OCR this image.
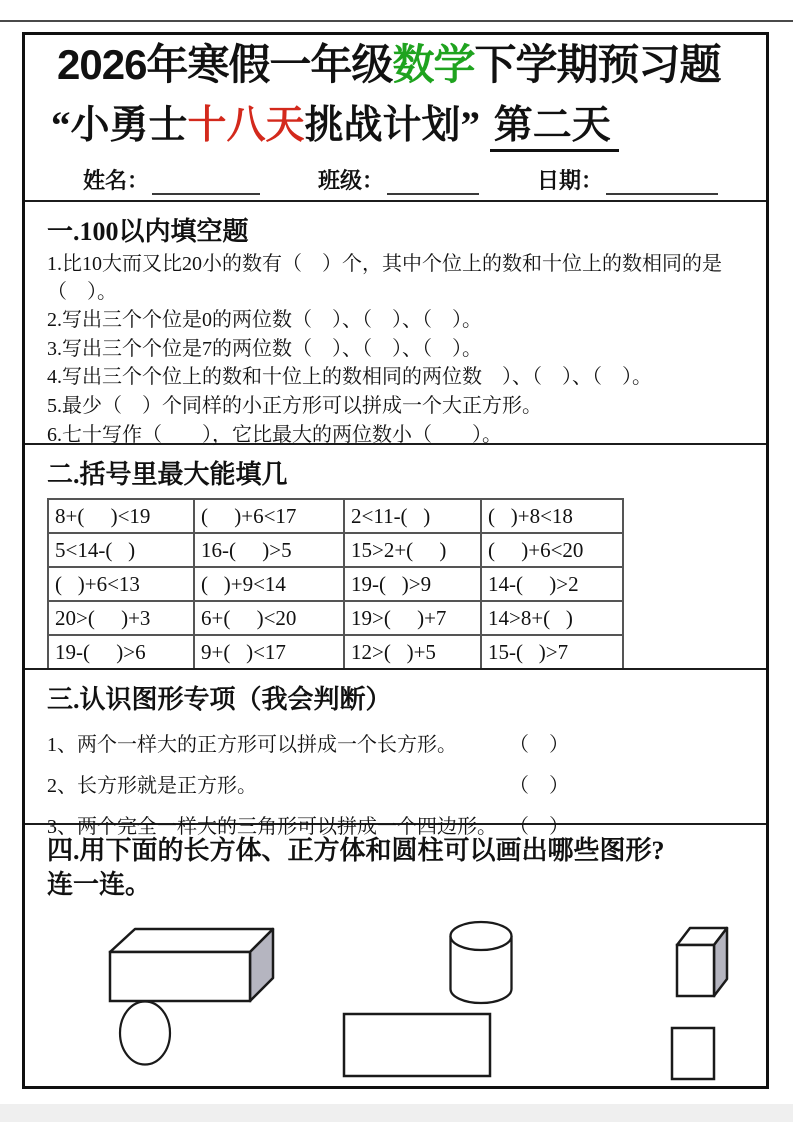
2026年寒假一年级数学下学期预习题
“小勇士十八天挑战计划” 第二天
姓名：	班级：	日期：
一.100以内填空题

1.比10大而又比20小的数有（　）个，其中个位上的数和十位上的数相同的是（　）。

2.写出三个个位是0的两位数（　）、（　）、（　）。

3.写出三个个位是7的两位数（　）、（　）、（　）。

4.写出三个个位上的数和十位上的数相同的两位数　）、（　）、（　）。

5.最少（　）个同样的小正方形可以拼成一个大正方形。

6.七十写作（　　），它比最大的两位数小（　　）。

二.括号里最大能填几
8+(     )<19	(     )+6<17	2<11-(   )	(   )+8<18
5<14-(   )	16-(     )>5	15>2+(     )	(     )+6<20
(   )+6<13	(   )+9<14	19-(   )>9	14-(     )>2
20>(     )+3	6+(     )<20	19>(     )+7	14>8+(   )
19-(     )>6	9+(   )<17	12>(   )+5	15-(   )>7
三.认识图形专项（我会判断）
1、两个一样大的正方形可以拼成一个长方形。	（　）
2、长方形就是正方形。	（　）
3、两个完全一样大的三角形可以拼成一个四边形。 （　）
四.用下面的长方体、正方体和圆柱可以画出哪些图形?
连一连。
